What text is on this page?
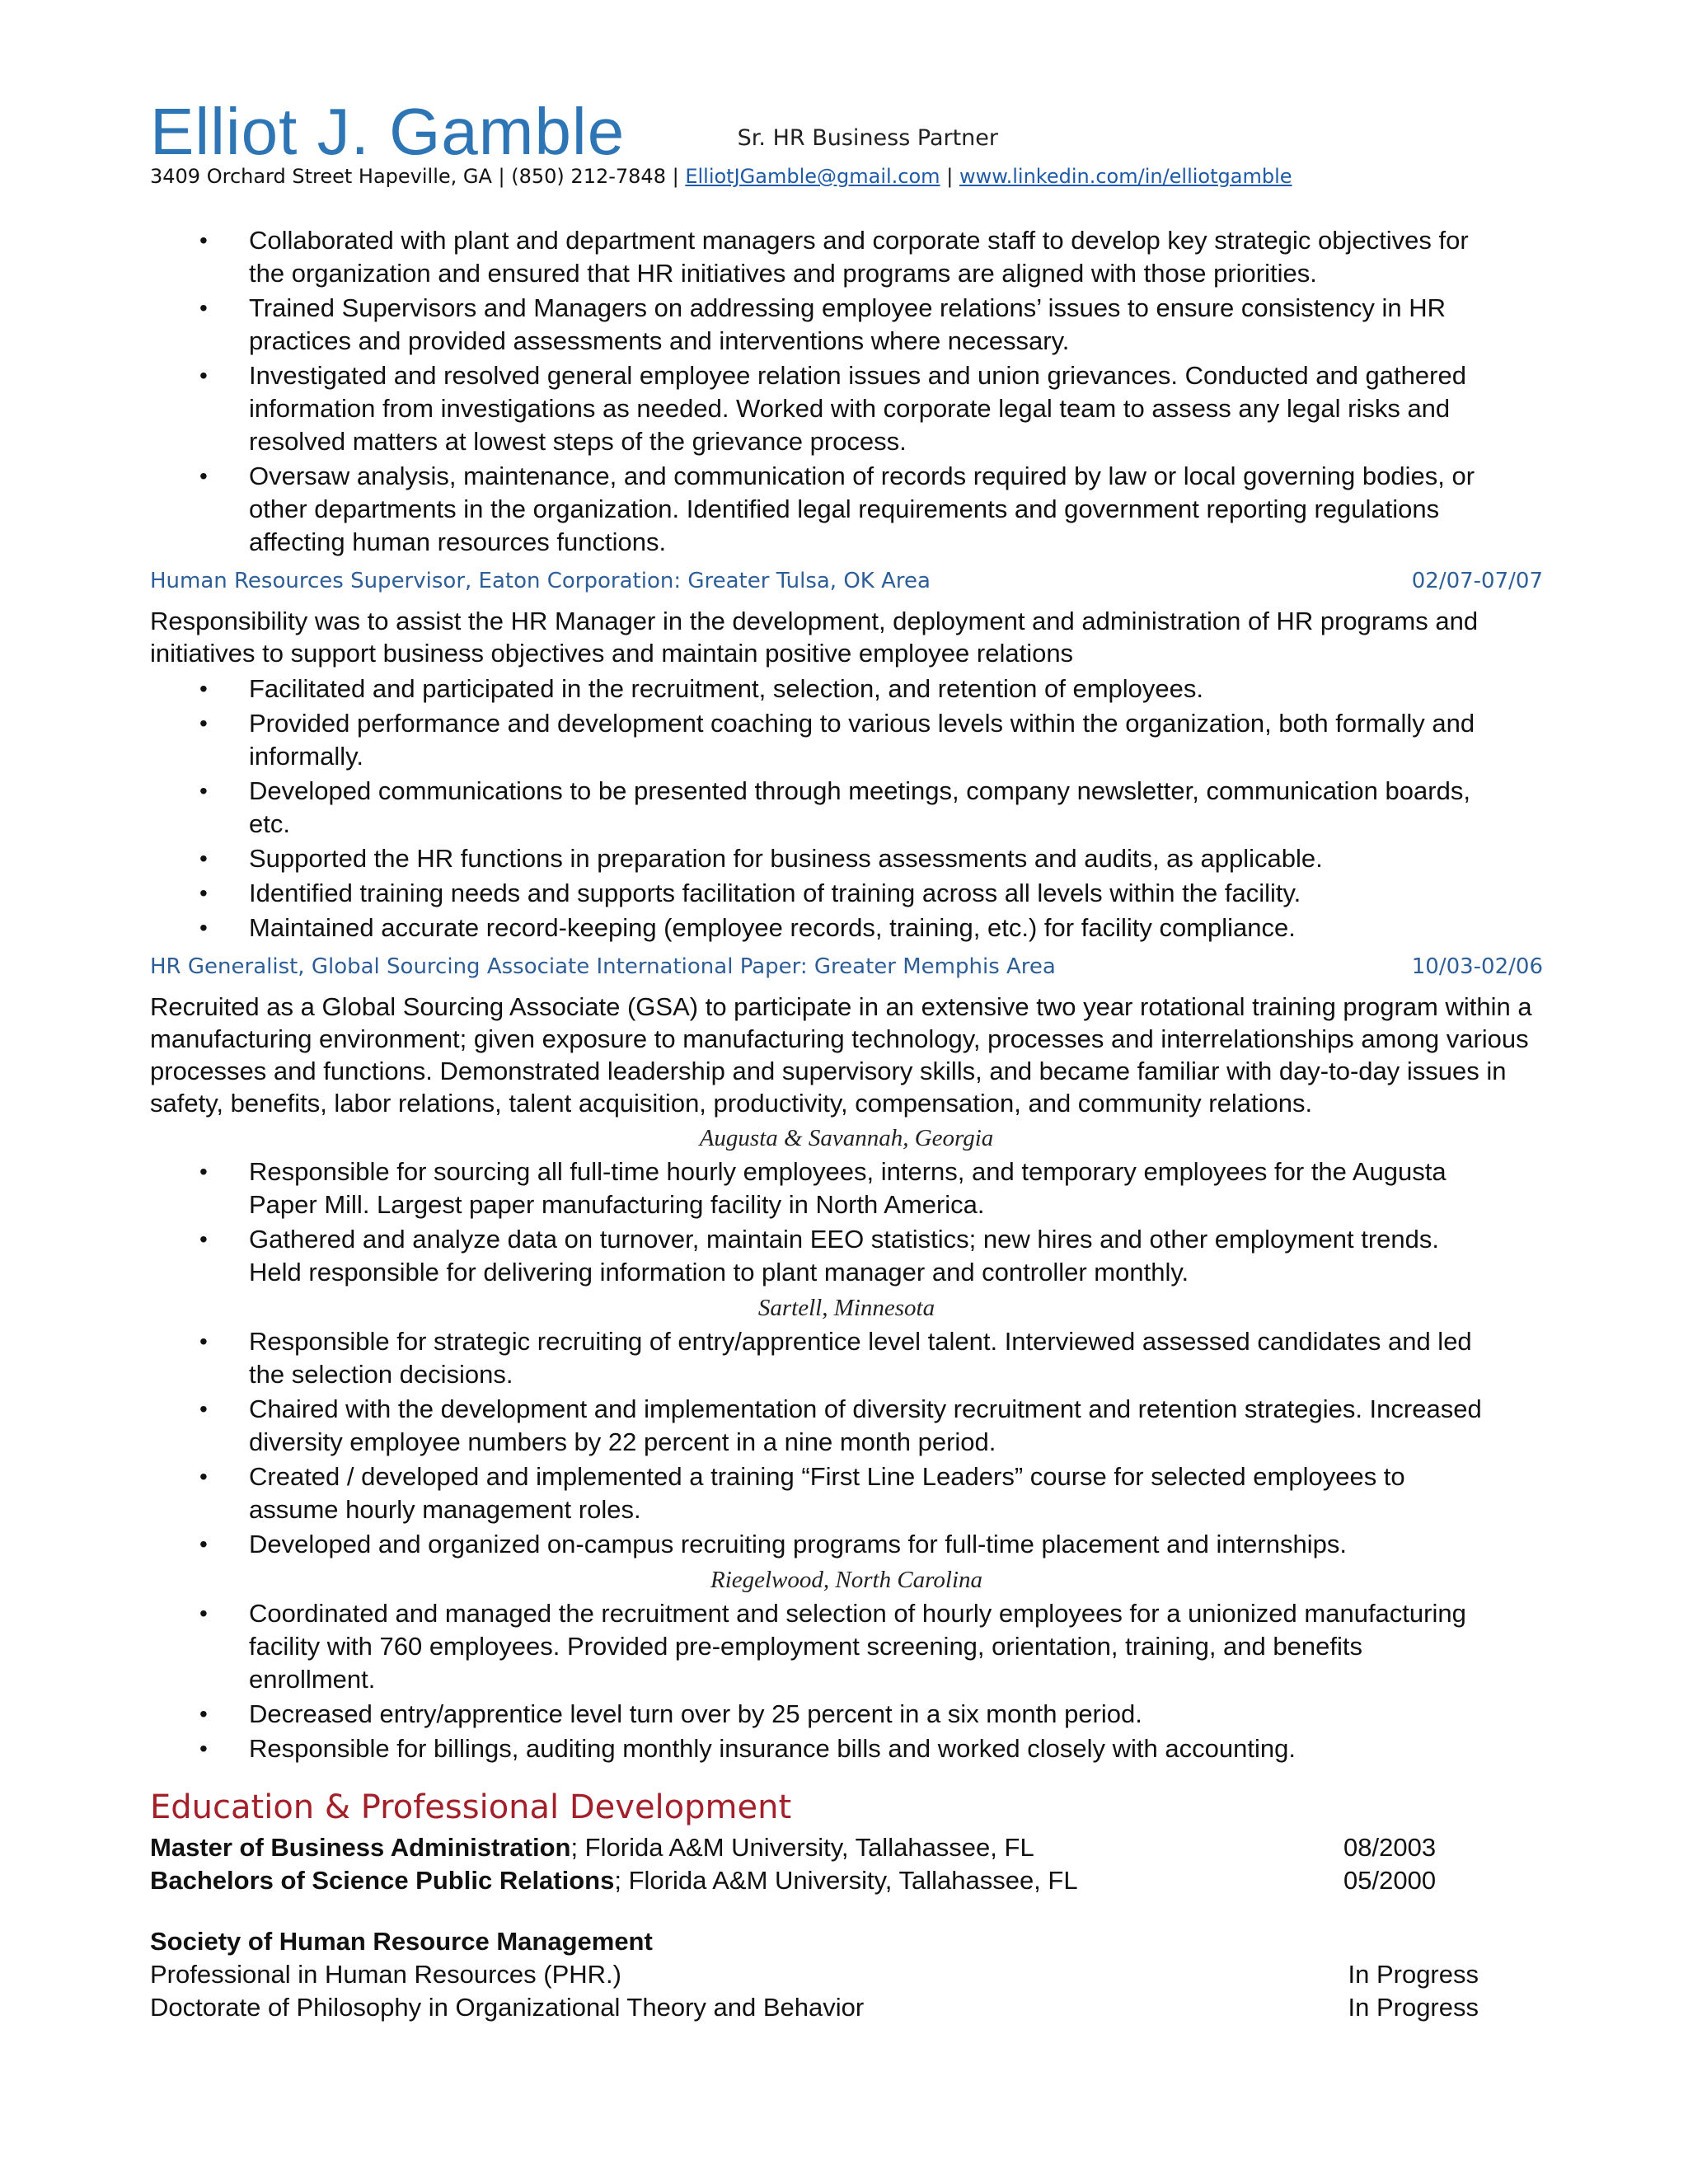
Elliot J. Gamble	Sr. HR Business Partner
3409 Orchard Street Hapeville, GA | (850) 212-7848 | ElliotJGamble@gmail.com | www.linkedin.com/in/elliotgamble
• Collaborated with plant and department managers and corporate staff to develop key strategic objectives for the organization and ensured that HR initiatives and programs are aligned with those priorities.
• Trained Supervisors and Managers on addressing employee relations’ issues to ensure consistency in HR practices and provided assessments and interventions where necessary.
• Investigated and resolved general employee relation issues and union grievances. Conducted and gathered information from investigations as needed. Worked with corporate legal team to assess any legal risks and resolved matters at lowest steps of the grievance process.
• Oversaw analysis, maintenance, and communication of records required by law or local governing bodies, or other departments in the organization. Identified legal requirements and government reporting regulations affecting human resources functions.
Human Resources Supervisor, Eaton Corporation: Greater Tulsa, OK Area	02/07-07/07
Responsibility was to assist the HR Manager in the development, deployment and administration of HR programs and initiatives to support business objectives and maintain positive employee relations
• Facilitated and participated in the recruitment, selection, and retention of employees.
• Provided performance and development coaching to various levels within the organization, both formally and informally.
• Developed communications to be presented through meetings, company newsletter, communication boards, etc.
• Supported the HR functions in preparation for business assessments and audits, as applicable.
• Identified training needs and supports facilitation of training across all levels within the facility.
• Maintained accurate record-keeping (employee records, training, etc.) for facility compliance.
HR Generalist, Global Sourcing Associate International Paper: Greater Memphis Area	10/03-02/06
Recruited as a Global Sourcing Associate (GSA) to participate in an extensive two year rotational training program within a manufacturing environment; given exposure to manufacturing technology, processes and interrelationships among various processes and functions. Demonstrated leadership and supervisory skills, and became familiar with day-to-day issues in safety, benefits, labor relations, talent acquisition, productivity, compensation, and community relations.
Augusta & Savannah, Georgia
• Responsible for sourcing all full-time hourly employees, interns, and temporary employees for the Augusta Paper Mill. Largest paper manufacturing facility in North America.
• Gathered and analyze data on turnover, maintain EEO statistics; new hires and other employment trends. Held responsible for delivering information to plant manager and controller monthly.
Sartell, Minnesota
• Responsible for strategic recruiting of entry/apprentice level talent. Interviewed assessed candidates and led the selection decisions.
• Chaired with the development and implementation of diversity recruitment and retention strategies. Increased diversity employee numbers by 22 percent in a nine month period.
• Created / developed and implemented a training “First Line Leaders” course for selected employees to assume hourly management roles.
• Developed and organized on-campus recruiting programs for full-time placement and internships.
Riegelwood, North Carolina
• Coordinated and managed the recruitment and selection of hourly employees for a unionized manufacturing facility with 760 employees. Provided pre-employment screening, orientation, training, and benefits enrollment.
• Decreased entry/apprentice level turn over by 25 percent in a six month period.
• Responsible for billings, auditing monthly insurance bills and worked closely with accounting.
Education & Professional Development
Master of Business Administration; Florida A&M University, Tallahassee, FL	08/2003
Bachelors of Science Public Relations; Florida A&M University, Tallahassee, FL	05/2000
Society of Human Resource Management
Professional in Human Resources (PHR.)	In Progress
Doctorate of Philosophy in Organizational Theory and Behavior	In Progress
